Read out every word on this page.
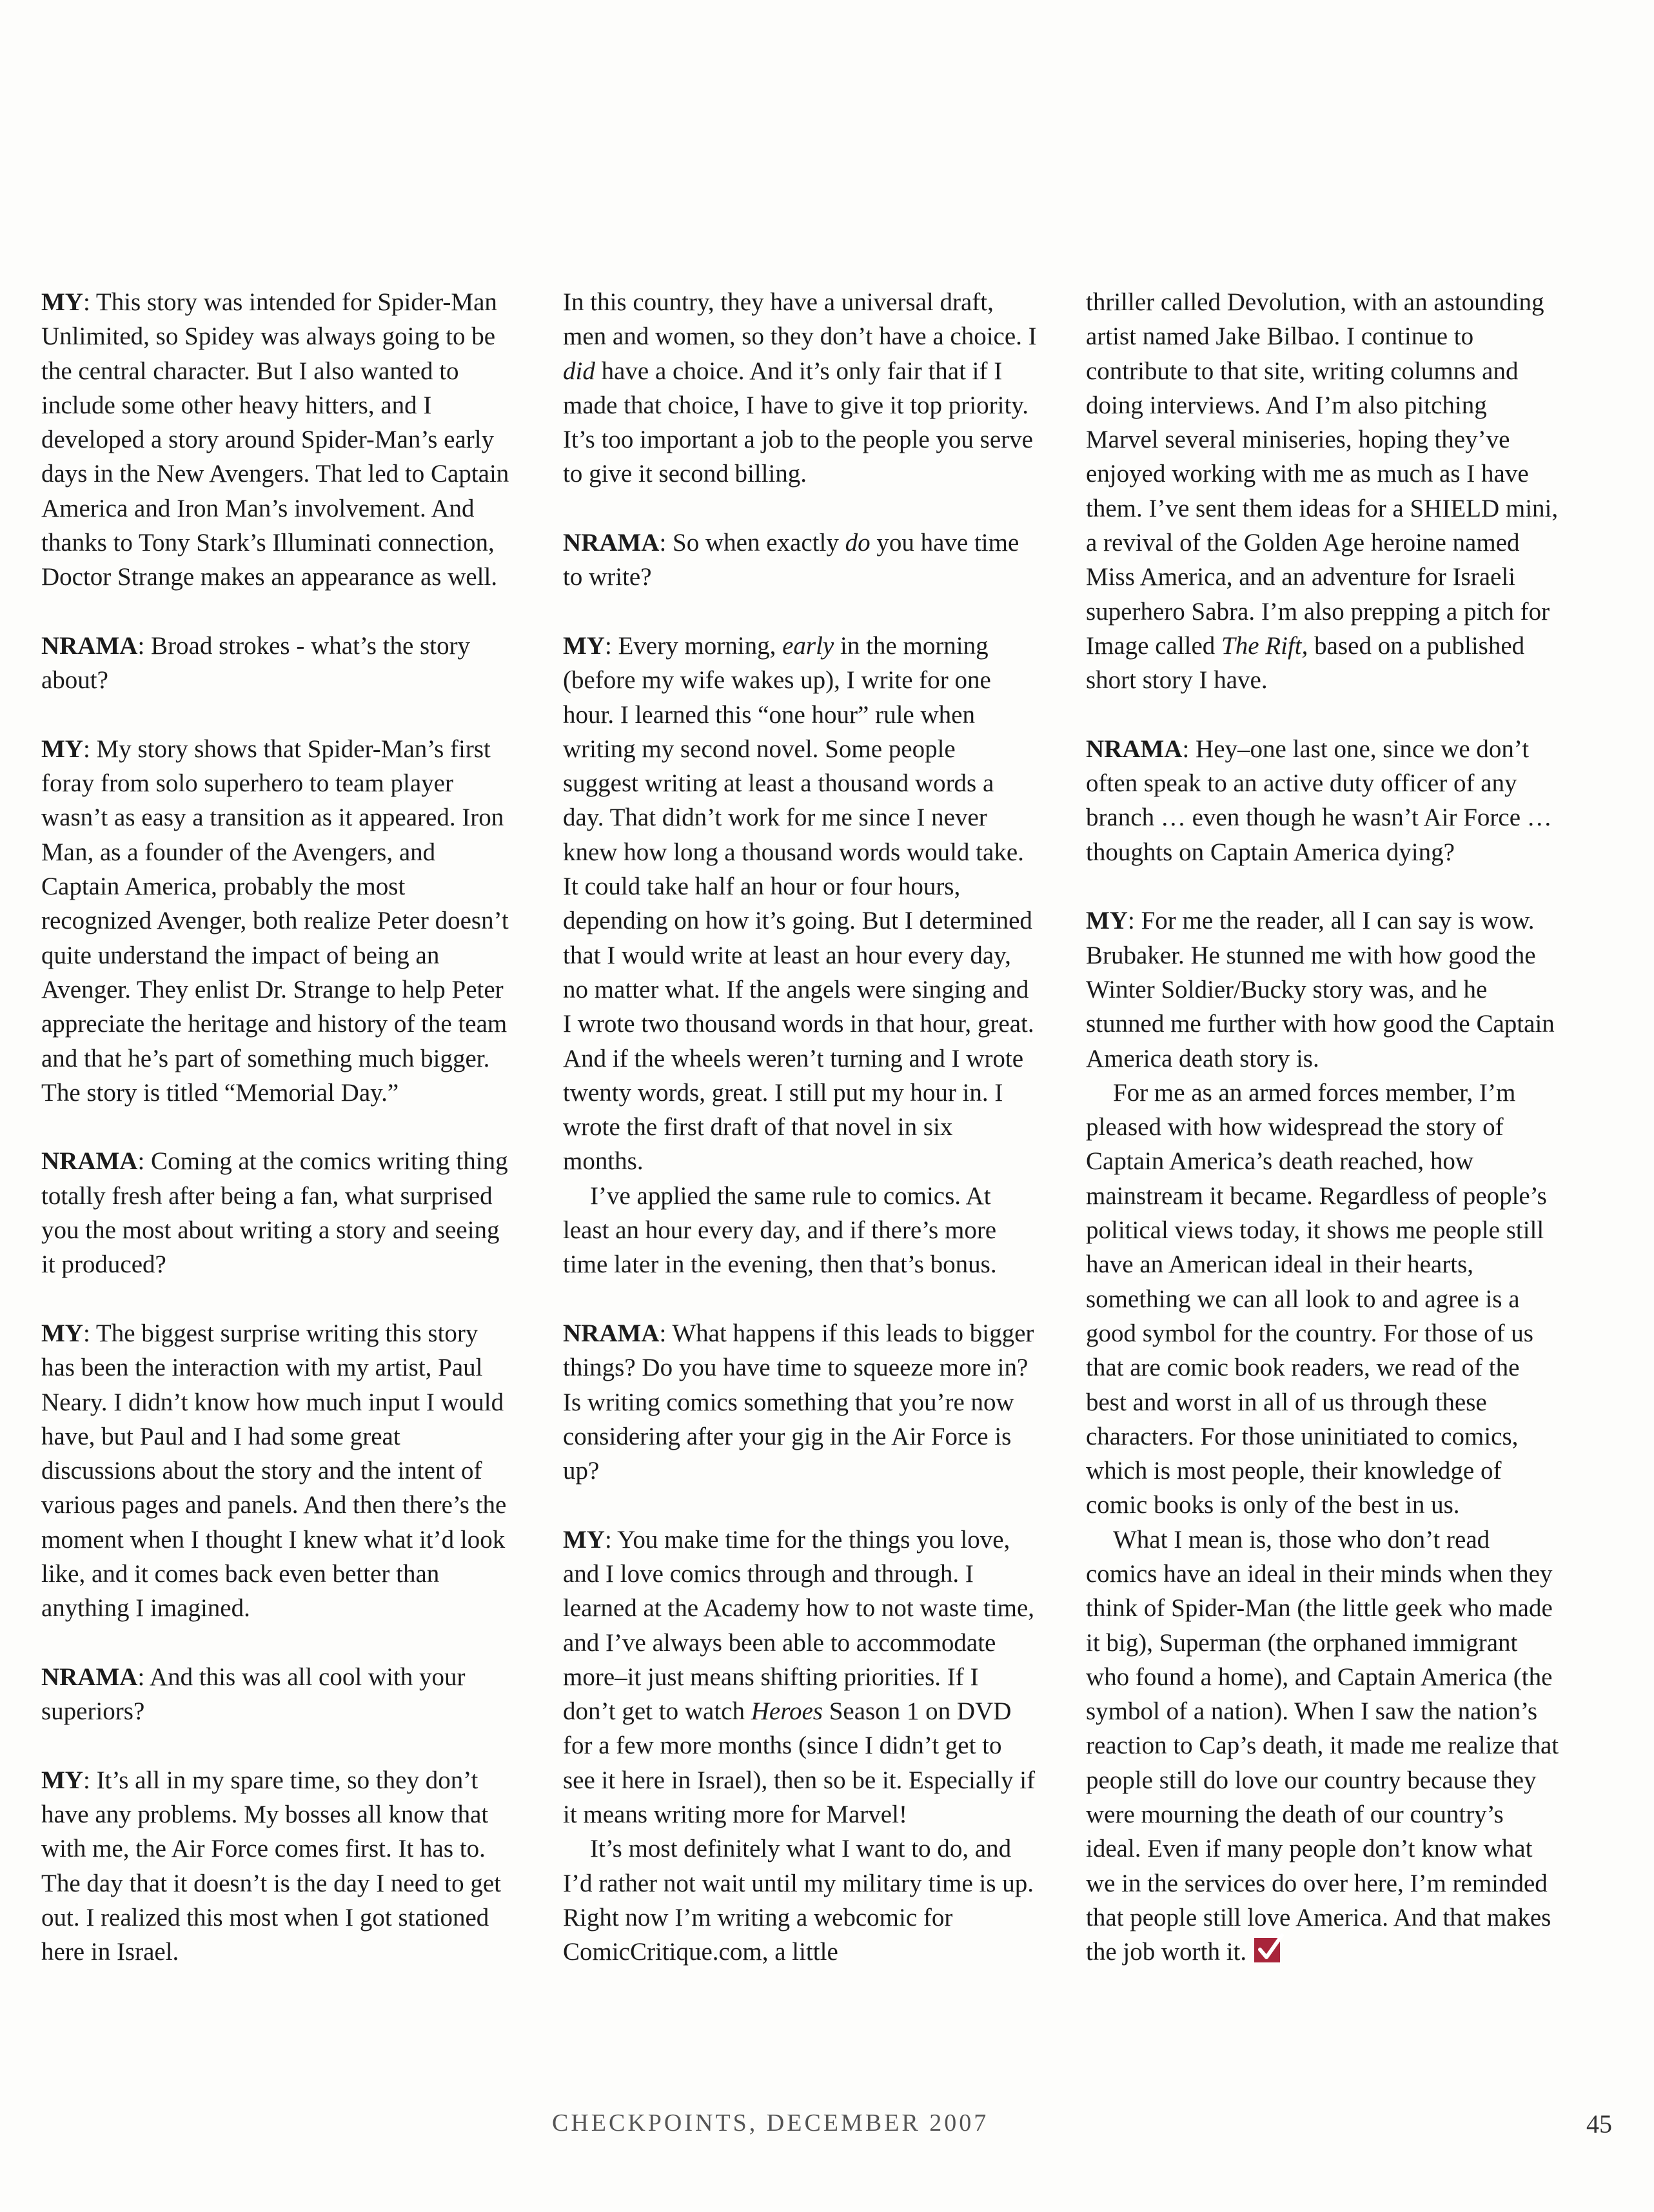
MY: This story was intended for Spider-Man Unlimited, so Spidey was always going to be the central character. But I also wanted to include some other heavy hitters, and I developed a story around Spider-Man’s early days in the New Avengers. That led to Captain America and Iron Man’s involvement. And thanks to Tony Stark’s Illuminati connection, Doctor Strange makes an appearance as well.

NRAMA: Broad strokes - what’s the story about?

MY: My story shows that Spider-Man’s first foray from solo superhero to team player wasn’t as easy a transition as it appeared. Iron Man, as a founder of the Avengers, and Captain America, probably the most recognized Avenger, both realize Peter doesn’t quite understand the impact of being an Avenger. They enlist Dr. Strange to help Peter appreciate the heritage and history of the team and that he’s part of something much bigger. The story is titled “Memorial Day.”

NRAMA: Coming at the comics writing thing totally fresh after being a fan, what surprised you the most about writing a story and seeing it produced?

MY: The biggest surprise writing this story has been the interaction with my artist, Paul Neary. I didn’t know how much input I would have, but Paul and I had some great discussions about the story and the intent of various pages and panels. And then there’s the moment when I thought I knew what it’d look like, and it comes back even better than anything I imagined.

NRAMA: And this was all cool with your superiors?

MY: It’s all in my spare time, so they don’t have any problems. My bosses all know that with me, the Air Force comes first. It has to. The day that it doesn’t is the day I need to get out. I realized this most when I got stationed here in Israel.

In this country, they have a universal draft, men and women, so they don’t have a choice. I did have a choice. And it’s only fair that if I made that choice, I have to give it top priority. It’s too important a job to the people you serve to give it second billing.

NRAMA: So when exactly do you have time to write?

MY: Every morning, early in the morning (before my wife wakes up), I write for one hour. I learned this “one hour” rule when writing my second novel. Some people suggest writing at least a thousand words a day. That didn’t work for me since I never knew how long a thousand words would take. It could take half an hour or four hours, depending on how it’s going. But I determined that I would write at least an hour every day, no matter what. If the angels were singing and I wrote two thousand words in that hour, great. And if the wheels weren’t turning and I wrote twenty words, great. I still put my hour in. I wrote the first draft of that novel in six months.

I’ve applied the same rule to comics. At least an hour every day, and if there’s more time later in the evening, then that’s bonus.

NRAMA: What happens if this leads to bigger things? Do you have time to squeeze more in? Is writing comics something that you’re now considering after your gig in the Air Force is up?

MY: You make time for the things you love, and I love comics through and through. I learned at the Academy how to not waste time, and I’ve always been able to accommodate more–it just means shifting priorities. If I don’t get to watch Heroes Season 1 on DVD for a few more months (since I didn’t get to see it here in Israel), then so be it. Especially if it means writing more for Marvel!

It’s most definitely what I want to do, and I’d rather not wait until my military time is up. Right now I’m writing a webcomic for ComicCritique.com, a little

thriller called Devolution, with an astounding artist named Jake Bilbao. I continue to contribute to that site, writing columns and doing interviews. And I’m also pitching Marvel several miniseries, hoping they’ve enjoyed working with me as much as I have them. I’ve sent them ideas for a SHIELD mini, a revival of the Golden Age heroine named Miss America, and an adventure for Israeli superhero Sabra. I’m also prepping a pitch for Image called The Rift, based on a published short story I have.

NRAMA: Hey–one last one, since we don’t often speak to an active duty officer of any branch … even though he wasn’t Air Force … thoughts on Captain America dying?

MY: For me the reader, all I can say is wow. Brubaker. He stunned me with how good the Winter Soldier/Bucky story was, and he stunned me further with how good the Captain America death story is.

For me as an armed forces member, I’m pleased with how widespread the story of Captain America’s death reached, how mainstream it became. Regardless of people’s political views today, it shows me people still have an American ideal in their hearts, something we can all look to and agree is a good symbol for the country. For those of us that are comic book readers, we read of the best and worst in all of us through these characters. For those uninitiated to comics, which is most people, their knowledge of comic books is only of the best in us.

What I mean is, those who don’t read comics have an ideal in their minds when they think of Spider-Man (the little geek who made it big), Superman (the orphaned immigrant who found a home), and Captain America (the symbol of a nation). When I saw the nation’s reaction to Cap’s death, it made me realize that people still do love our country because they were mourning the death of our country’s ideal. Even if many people don’t know what we in the services do over here, I’m reminded that people still love America. And that makes the job worth it.

CHECKPOINTS, DECEMBER 2007	45
